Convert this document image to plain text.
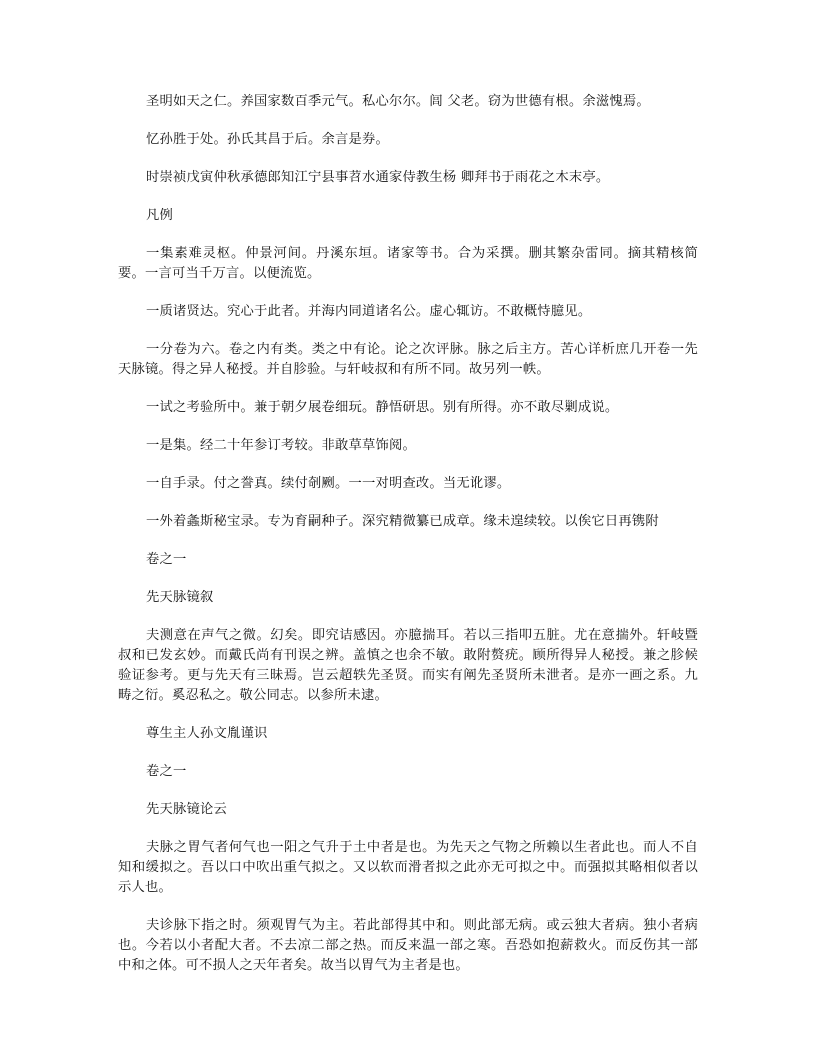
圣明如天之仁。养国家数百季元气。私心尔尔。闾 父老。窃为世德有根。余滋愧焉。

忆孙胜于处。孙氏其昌于后。余言是券。

时崇祯戊寅仲秋承德郎知江宁县事苕水通家侍教生杨 卿拜书于雨花之木末亭。

凡例

一集素难灵枢。仲景河间。丹溪东垣。诸家等书。合为采撰。删其繁杂雷同。摘其精核简要。一言可当千万言。以便流览。

一质诸贤达。究心于此者。并海内同道诸名公。虚心辄访。不敢概恃臆见。

一分卷为六。卷之内有类。类之中有论。论之次评脉。脉之后主方。苦心详析庶几开卷一先天脉镜。得之异人秘授。并自胗验。与轩岐叔和有所不同。故另列一帙。

一试之考验所中。兼于朝夕展卷细玩。静悟研思。别有所得。亦不敢尽剿成说。

一是集。经二十年参订考较。非敢草草饰阅。

一自手录。付之誊真。续付剞劂。一一对明查改。当无讹谬。

一外着螽斯秘宝录。专为育嗣种子。深究精微纂已成章。缘未遑续较。以俟它日再镌附

卷之一

先天脉镜叙

夫测意在声气之微。幻矣。即究诘感因。亦臆揣耳。若以三指叩五脏。尤在意揣外。轩岐暨叔和已发玄妙。而戴氏尚有刊误之辨。盖慎之也余不敏。敢附赘疣。顾所得异人秘授。兼之胗候验证参考。更与先天有三昧焉。岂云超轶先圣贤。而实有阐先圣贤所未泄者。是亦一画之系。九畴之衍。奚忍私之。敬公同志。以参所未逮。

尊生主人孙文胤谨识

卷之一

先天脉镜论云

夫脉之胃气者何气也一阳之气升于土中者是也。为先天之气物之所赖以生者此也。而人不自知和缓拟之。吾以口中吹出重气拟之。又以软而滑者拟之此亦无可拟之中。而强拟其略相似者以示人也。

夫诊脉下指之时。须观胃气为主。若此部得其中和。则此部无病。或云独大者病。独小者病也。今若以小者配大者。不去凉二部之热。而反来温一部之寒。吾恐如抱薪救火。而反伤其一部中和之体。可不损人之天年者矣。故当以胃气为主者是也。
